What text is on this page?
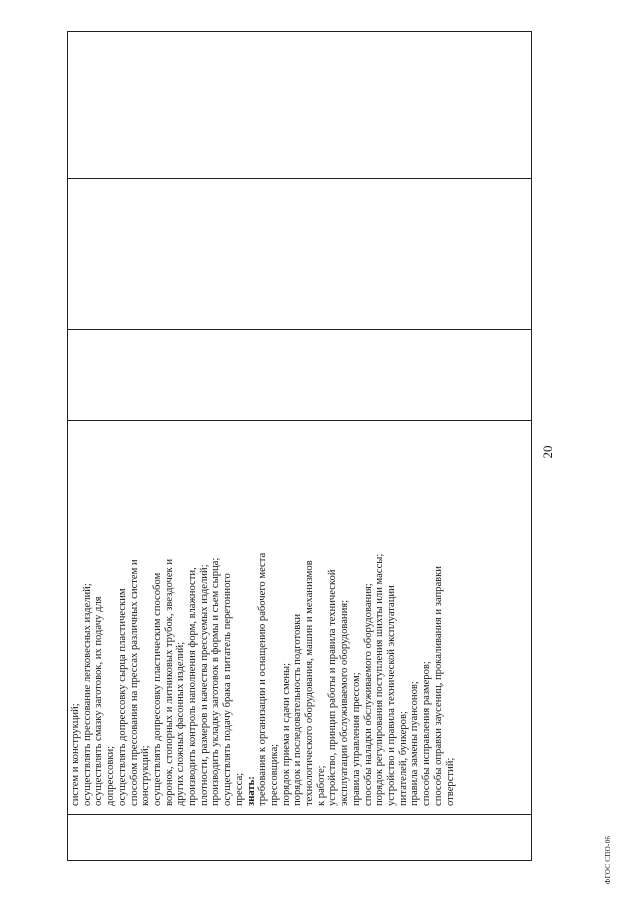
20

систем и конструкций; осуществлять прессование легковесных изделий; осуществлять смазку заготовок, их подачу для допрессовки; осуществлять допрессовку сырца пластическим способом прессования на прессах различных систем и конструкций; осуществлять допрессовку пластическим способом воронок, стопорных и литниковых трубок, звездочек и других сложных фасонных изделий; производить контроль наполнения форм, влажности, плотности, размеров и качества прессуемых изделий; производить укладку заготовок в формы и съем сырца; осуществлять подачу брака в питатель перетонного пресса; знать: требования к организации и оснащению рабочего места прессовщика; порядок приема и сдачи смены; порядок и последовательность подготовки технологического оборудования, машин и механизмов к работе; устройство, принцип работы и правила технической эксплуатации обслуживаемого оборудования; правила управления прессом; способы наладки обслуживаемого оборудования; порядок регулирования поступления шихты или массы; устройство и правила технической эксплуатации питателей, бункеров; правила замены пуансонов; способы исправления размеров; способы оправки заусениц, прокаливания и заправки отверстий;

ФГОС СПО-06
